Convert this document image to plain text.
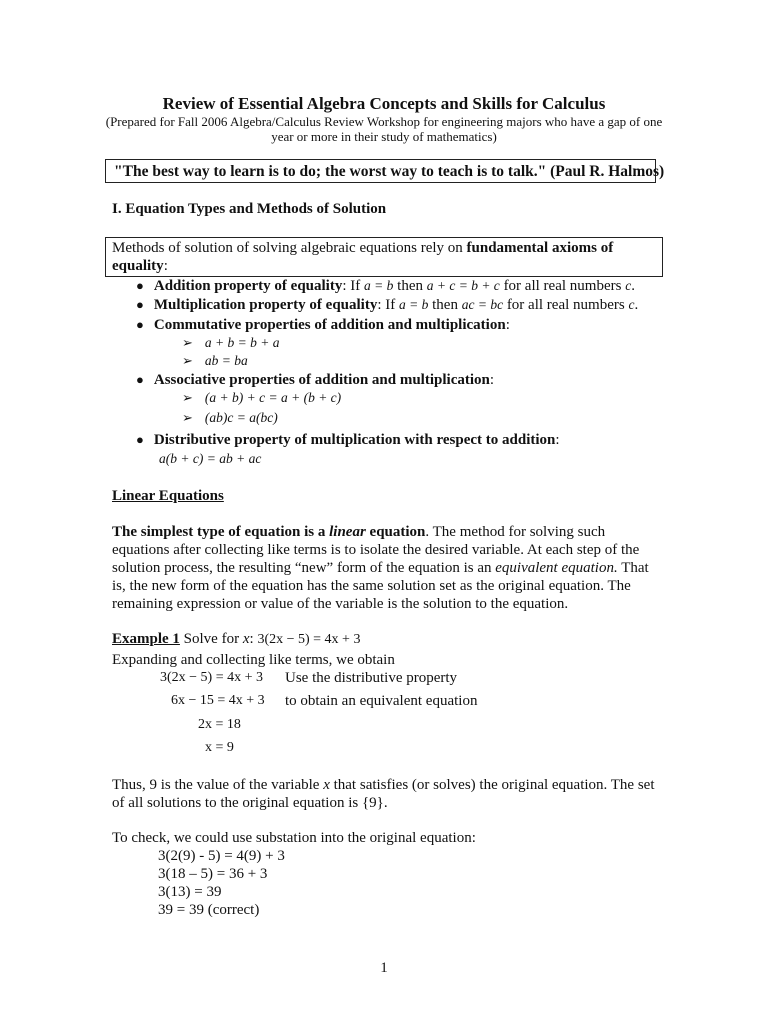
Review of Essential Algebra Concepts and Skills for Calculus
(Prepared for Fall 2006 Algebra/Calculus Review Workshop for engineering majors who have a gap of one year or more in their study of mathematics)
"The best way to learn is to do; the worst way to teach is to talk." (Paul R. Halmos)
I. Equation Types and Methods of Solution
Methods of solution of solving algebraic equations rely on fundamental axioms of equality:
● Addition property of equality: If a = b then a + c = b + c for all real numbers c.
● Multiplication property of equality: If a = b then ac = bc for all real numbers c.
● Commutative properties of addition and multiplication:
➢ a + b = b + a
➢ ab = ba
● Associative properties of addition and multiplication:
➢ (a + b) + c = a + (b + c)
➢ (ab)c = a(bc)
● Distributive property of multiplication with respect to addition:
a(b + c) = ab + ac
Linear Equations
The simplest type of equation is a linear equation. The method for solving such equations after collecting like terms is to isolate the desired variable. At each step of the solution process, the resulting “new” form of the equation is an equivalent equation. That is, the new form of the equation has the same solution set as the original equation. The remaining expression or value of the variable is the solution to the equation.
Example 1 Solve for x: 3(2x − 5) = 4x + 3
Expanding and collecting like terms, we obtain
3(2x − 5) = 4x + 3 Use the distributive property
6x − 15 = 4x + 3 to obtain an equivalent equation
2x = 18
x = 9
Thus, 9 is the value of the variable x that satisfies (or solves) the original equation. The set of all solutions to the original equation is {9}.
To check, we could use substation into the original equation:
3(2(9) - 5) = 4(9) + 3
3(18 – 5) = 36 + 3
3(13) = 39
39 = 39 (correct)
1
